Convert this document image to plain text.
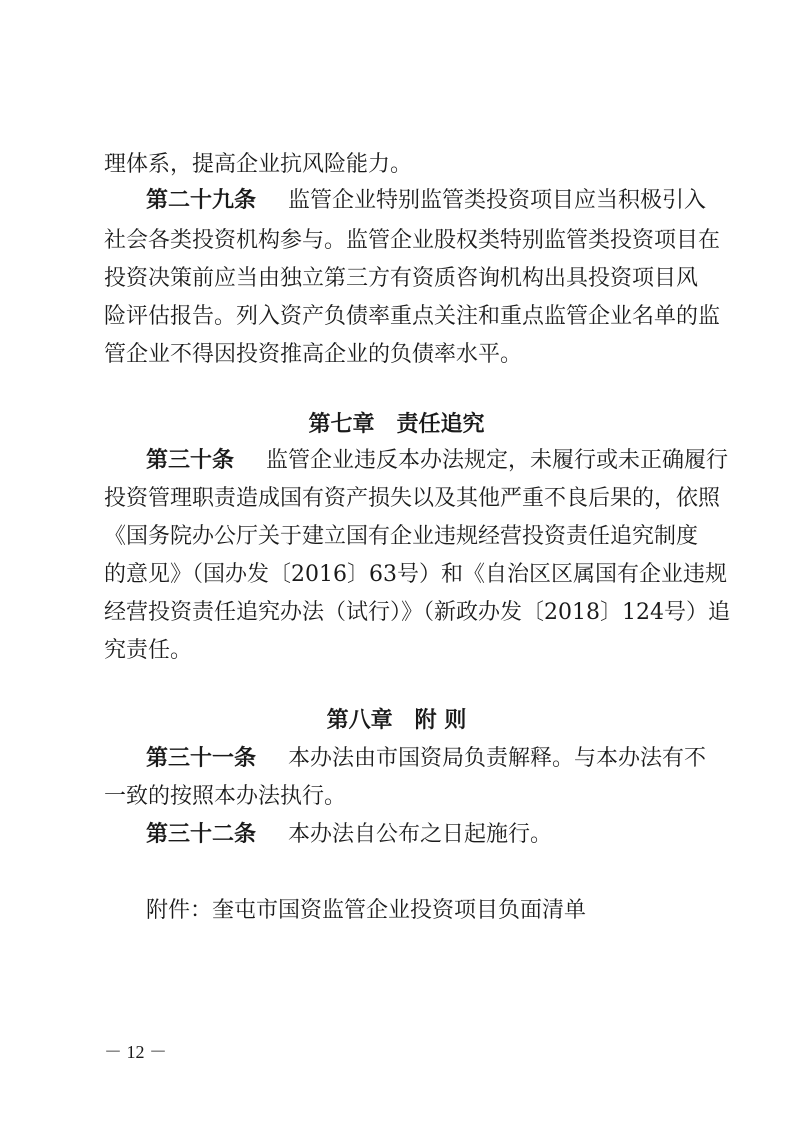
理体系，提高企业抗风险能力。
第二十九条 监管企业特别监管类投资项目应当积极引入
社会各类投资机构参与。监管企业股权类特别监管类投资项目在
投资决策前应当由独立第三方有资质咨询机构出具投资项目风
险评估报告。列入资产负债率重点关注和重点监管企业名单的监
管企业不得因投资推高企业的负债率水平。
第七章　责任追究
第三十条 监管企业违反本办法规定，未履行或未正确履行
投资管理职责造成国有资产损失以及其他严重不良后果的，依照
《国务院办公厅关于建立国有企业违规经营投资责任追究制度
的意见》（国办发〔2016〕63号）和《自治区区属国有企业违规
经营投资责任追究办法（试行）》（新政办发〔2018〕124号）追
究责任。
第八章　附 则
第三十一条 本办法由市国资局负责解释。与本办法有不
一致的按照本办法执行。
第三十二条 本办法自公布之日起施行。
附件：奎屯市国资监管企业投资项目负面清单
－ 12 －
